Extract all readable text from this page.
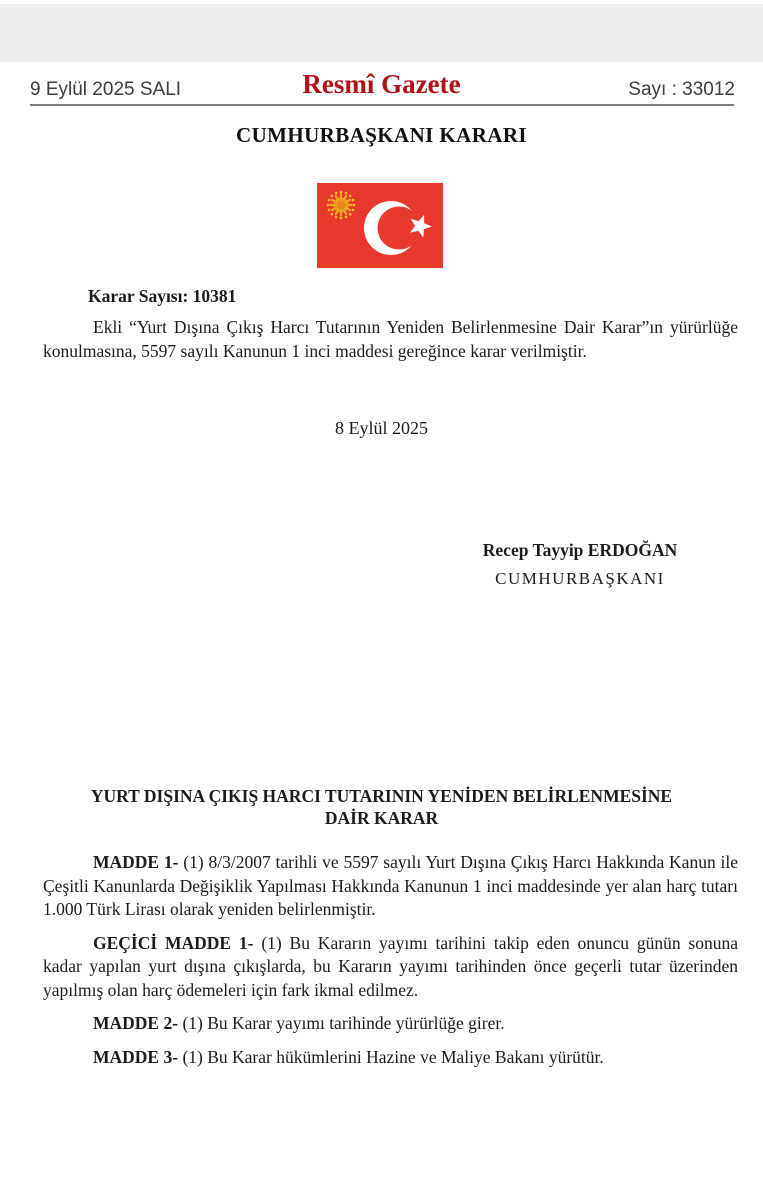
9 Eylül 2025 SALI	Resmî Gazete	Sayı : 33012
CUMHURBAŞKANI KARARI
Karar Sayısı: 10381

Ekli “Yurt Dışına Çıkış Harcı Tutarının Yeniden Belirlenmesine Dair Karar”ın yürürlüğe konulmasına, 5597 sayılı Kanunun 1 inci maddesi gereğince karar verilmiştir.

8 Eylül 2025

Recep Tayyip ERDOĞAN

CUMHURBAŞKANI

YURT DIŞINA ÇIKIŞ HARCI TUTARININ YENİDEN BELİRLENMESİNE
DAİR KARAR

MADDE 1- (1) 8/3/2007 tarihli ve 5597 sayılı Yurt Dışına Çıkış Harcı Hakkında Kanun ile Çeşitli Kanunlarda Değişiklik Yapılması Hakkında Kanunun 1 inci maddesinde yer alan harç tutarı 1.000 Türk Lirası olarak yeniden belirlenmiştir.

GEÇİCİ MADDE 1- (1) Bu Kararın yayımı tarihini takip eden onuncu günün sonuna kadar yapılan yurt dışına çıkışlarda, bu Kararın yayımı tarihinden önce geçerli tutar üzerinden yapılmış olan harç ödemeleri için fark ikmal edilmez.

MADDE 2- (1) Bu Karar yayımı tarihinde yürürlüğe girer.

MADDE 3- (1) Bu Karar hükümlerini Hazine ve Maliye Bakanı yürütür.
